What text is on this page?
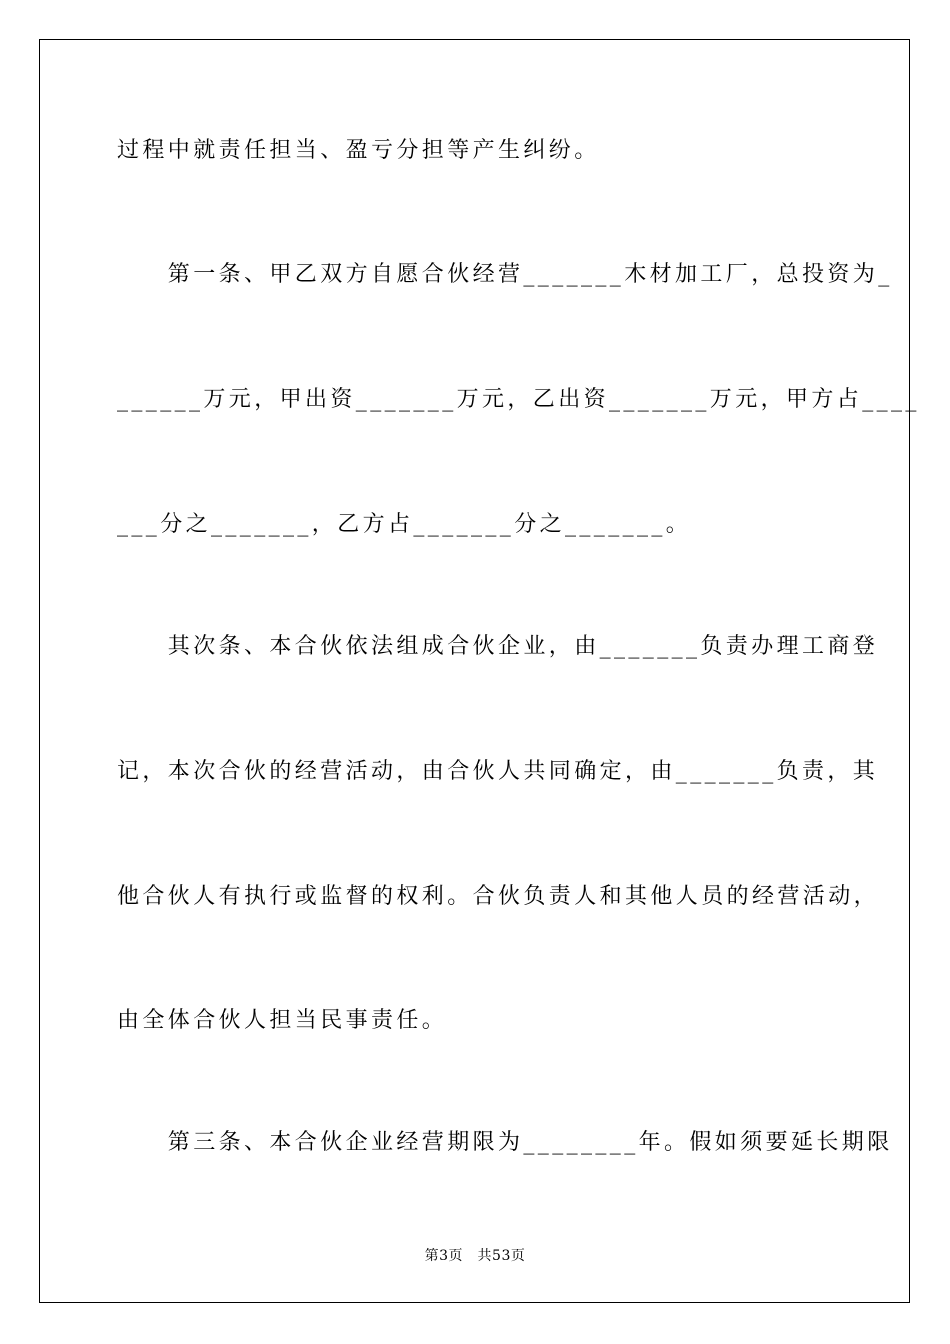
过程中就责任担当、盈亏分担等产生纠纷。
　　第一条、甲乙双方自愿合伙经营_______木材加工厂，总投资为_
______万元，甲出资_______万元，乙出资_______万元，甲方占____
___分之_______，乙方占_______分之_______。
　　其次条、本合伙依法组成合伙企业，由_______负责办理工商登
记，本次合伙的经营活动，由合伙人共同确定，由_______负责，其
他合伙人有执行或监督的权利。合伙负责人和其他人员的经营活动，
由全体合伙人担当民事责任。
　　第三条、本合伙企业经营期限为________年。假如须要延长期限
第3页　共53页
